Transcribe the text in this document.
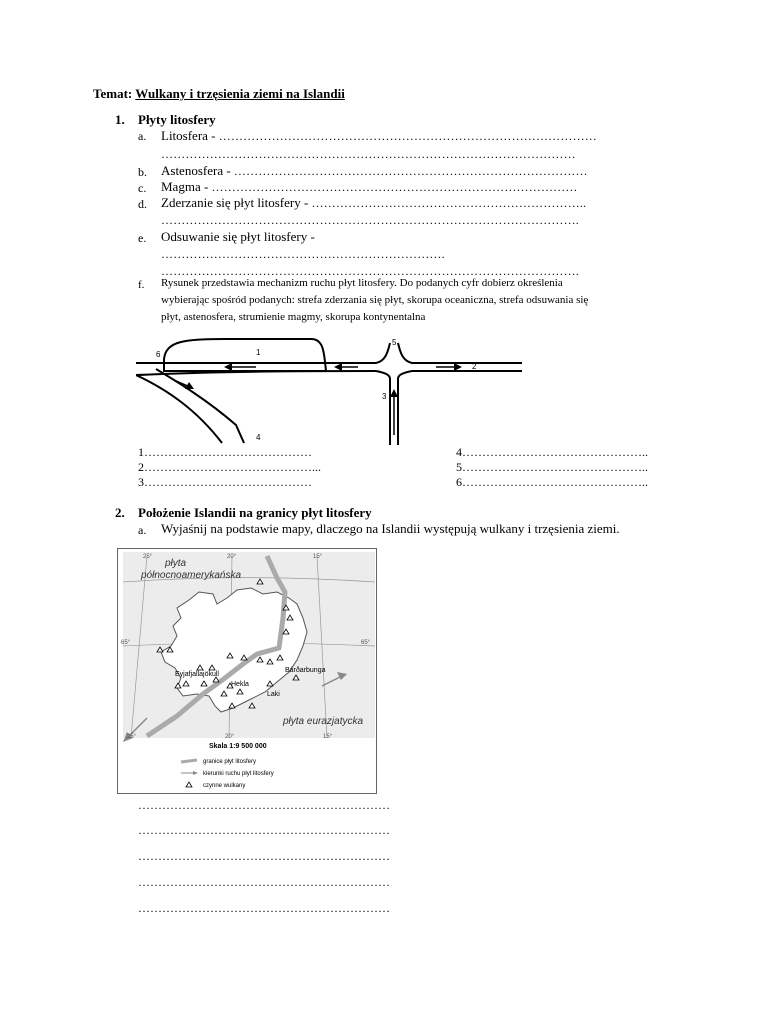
Temat: Wulkany i trzęsienia ziemi na Islandii
1. Płyty litosfery
a. Litosfera - …………………………………………………………………………………
…………………………………………………………………………………………
b. Astenosfera - ……………………………………………………………………………
c. Magma - ………………………………………………………………………………
d. Zderzanie się płyt litosfery - …………………………………………………………..
………………………………………………………………………………………….
e. Odsuwanie się płyt litosfery -
…………………………………………………………….
………………………………………………………………………………………….
f. Rysunek przedstawia mechanizm ruchu płyt litosfery. Do podanych cyfr dobierz określenia
wybierając spośród podanych: strefa zderzania się płyt, skorupa oceaniczna, strefa odsuwania się
płyt, astenosfera, strumienie magmy, skorupa kontynentalna
1
2
3
4
5
6
1……………………………………
2……………………………………...
3……………………………………
4………………………………………..
5………………………………………..
6………………………………………..
2. Położenie Islandii na granicy płyt litosfery
a. Wyjaśnij na podstawie mapy, dlaczego na Islandii występują wulkany i trzęsienia ziemi.
płyta
północnoamerykańska
płyta eurazjatycka
25°	20°	15°
25°	20°	15°
65°	65°
Eyjafjallajökull
Hekla
Bárðarbunga
Laki
Skala 1:9 500 000
granice płyt litosfery
kierunki ruchu płyt litosfery
czynne wulkany
………………………………………………………
………………………………………………………
………………………………………………………
………………………………………………………
………………………………………………………
